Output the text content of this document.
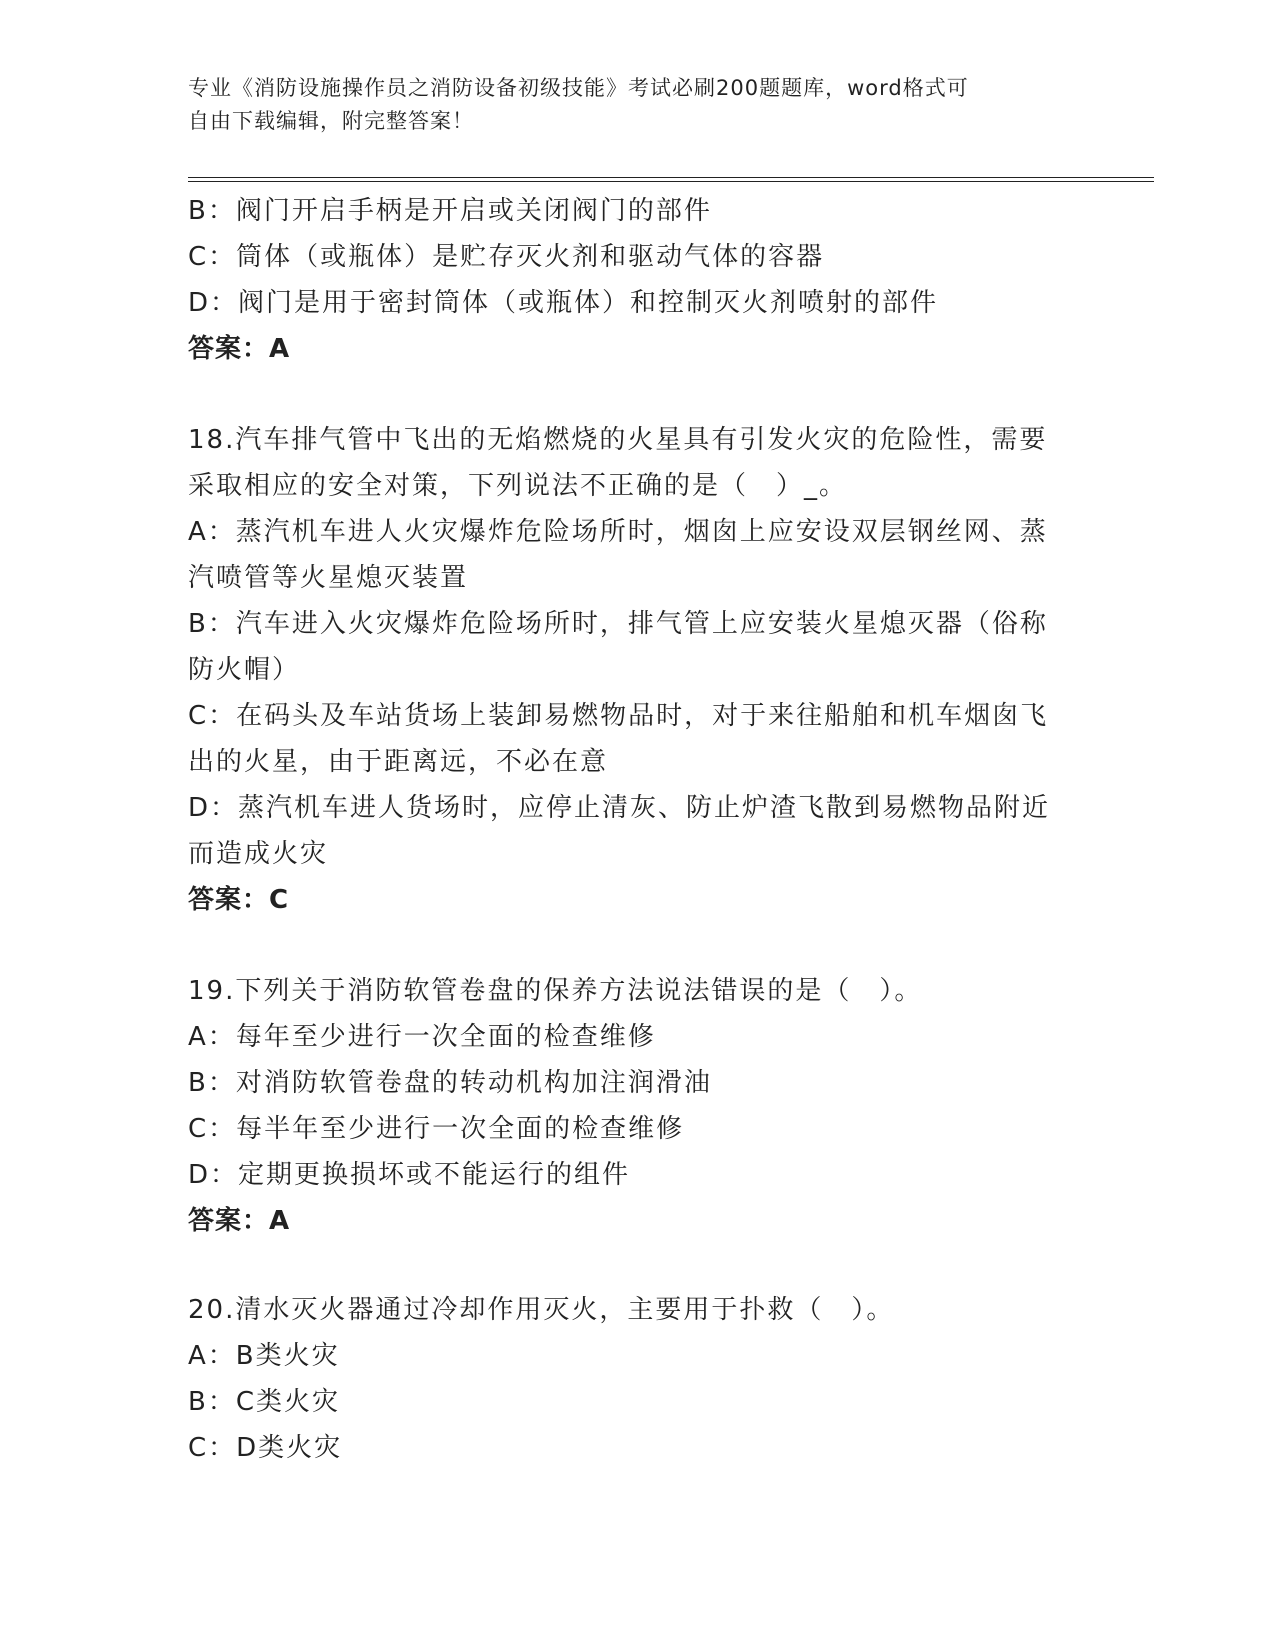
专业《消防设施操作员之消防设备初级技能》考试必刷200题题库，word格式可
自由下载编辑，附完整答案！
B：阀门开启手柄是开启或关闭阀门的部件
C：筒体（或瓶体）是贮存灭火剂和驱动气体的容器
D：阀门是用于密封筒体（或瓶体）和控制灭火剂喷射的部件
答案：A
18.汽车排气管中飞出的无焰燃烧的火星具有引发火灾的危险性，需要
采取相应的安全对策，下列说法不正确的是（　）_。
A：蒸汽机车进人火灾爆炸危险场所时，烟囱上应安设双层钢丝网、蒸
汽喷管等火星熄灭装置
B：汽车进入火灾爆炸危险场所时，排气管上应安装火星熄灭器（俗称
防火帽）
C：在码头及车站货场上装卸易燃物品时，对于来往船舶和机车烟囱飞
出的火星，由于距离远，不必在意
D：蒸汽机车进人货场时，应停止清灰、防止炉渣飞散到易燃物品附近
而造成火灾
答案：C
19.下列关于消防软管卷盘的保养方法说法错误的是（　）。
A：每年至少进行一次全面的检查维修
B：对消防软管卷盘的转动机构加注润滑油
C：每半年至少进行一次全面的检查维修
D：定期更换损坏或不能运行的组件
答案：A
20.清水灭火器通过冷却作用灭火，主要用于扑救（　）。
A：B类火灾
B：C类火灾
C：D类火灾
